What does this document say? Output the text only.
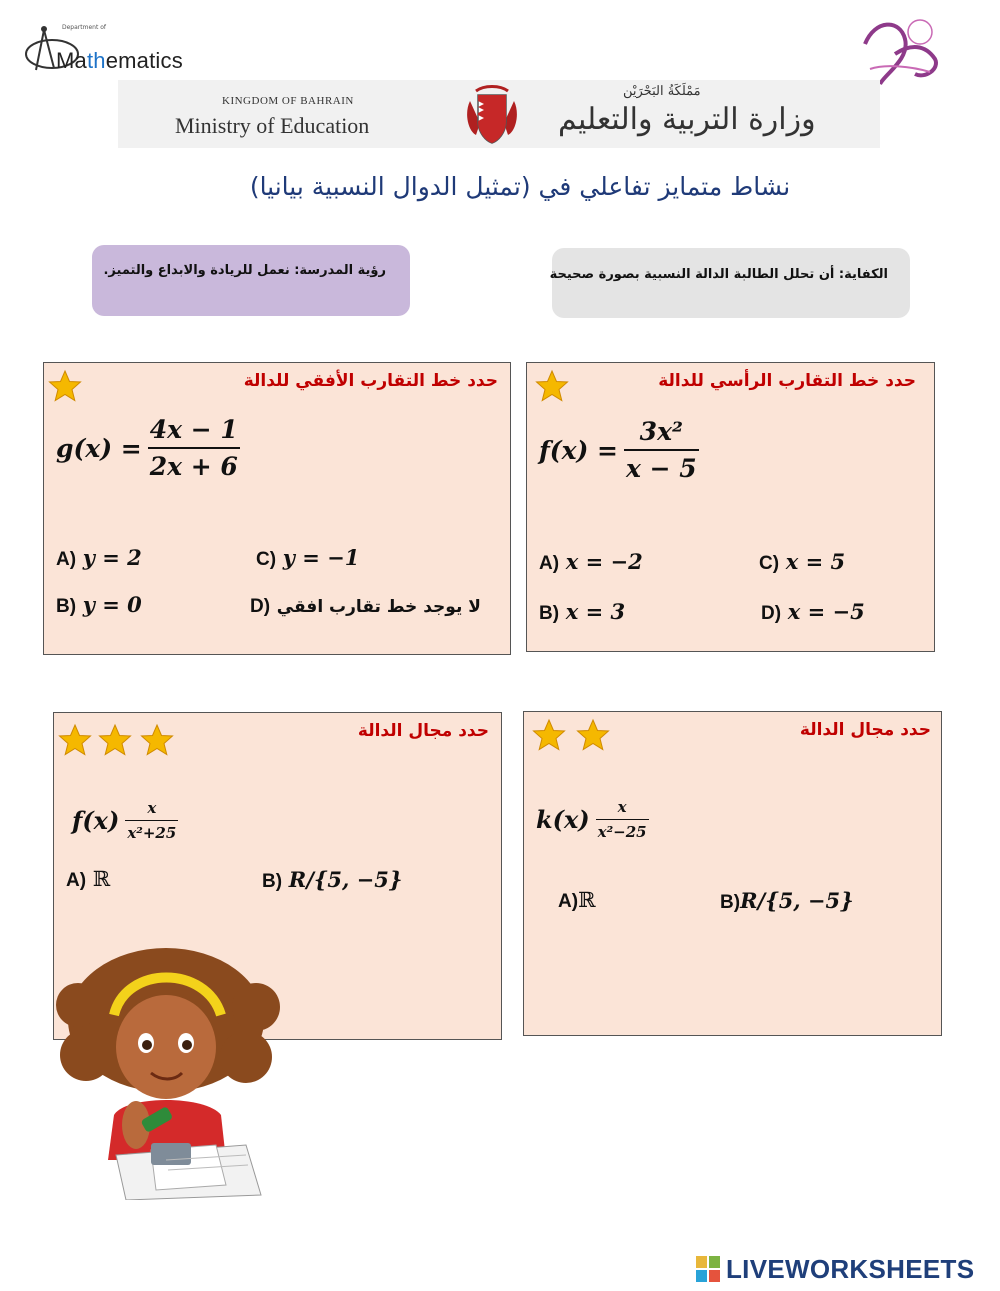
Department of
Mathematics
KINGDOM OF BAHRAIN
Ministry of Education
مَمْلَكَةُ البَحْرَيْن
وزارة التربية والتعليم
نشاط متمايز تفاعلي في (تمثيل الدوال النسبية بيانيا)
رؤية المدرسة: نعمل للريادة والابداع والتميز.	الكفاية: أن تحلل الطالبة الدالة النسبية بصورة صحيحة
حدد خط التقارب الأفقي للدالة
$g(x) = \frac{4x - 1}{2x + 6}$
A) y = 2	C) y = −1
B) y = 0	D) لا يوجد خط تقارب افقي
حدد خط التقارب الرأسي للدالة
$f(x) = \frac{\text{3x²}}{x - 5}$
A) x = −2	C) x = 5
B) x = 3	D) x = −5
حدد مجال الدالة
$f(x) \frac{x}{\text{x²+25}}$
A) ℝ	B) R/{5, −5}
حدد مجال الدالة
$k(x) \frac{x}{\text{x²−25}}$
A)ℝ	B)R/{5, −5}
LIVEWORKSHEETS
